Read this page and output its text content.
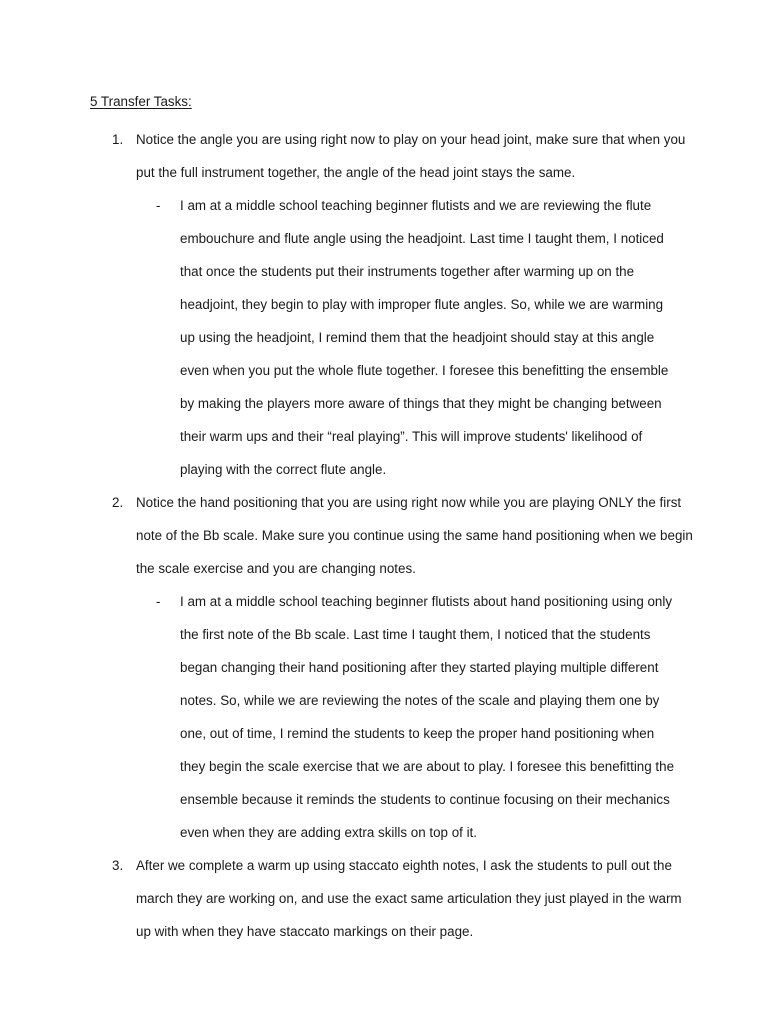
5 Transfer Tasks:
1. Notice the angle you are using right now to play on your head joint, make sure that when you put the full instrument together, the angle of the head joint stays the same.
- I am at a middle school teaching beginner flutists and we are reviewing the flute embouchure and flute angle using the headjoint. Last time I taught them, I noticed that once the students put their instruments together after warming up on the headjoint, they begin to play with improper flute angles. So, while we are warming up using the headjoint, I remind them that the headjoint should stay at this angle even when you put the whole flute together. I foresee this benefitting the ensemble by making the players more aware of things that they might be changing between their warm ups and their “real playing”. This will improve students' likelihood of playing with the correct flute angle.
2. Notice the hand positioning that you are using right now while you are playing ONLY the first note of the Bb scale. Make sure you continue using the same hand positioning when we begin the scale exercise and you are changing notes.
- I am at a middle school teaching beginner flutists about hand positioning using only the first note of the Bb scale. Last time I taught them, I noticed that the students began changing their hand positioning after they started playing multiple different notes. So, while we are reviewing the notes of the scale and playing them one by one, out of time, I remind the students to keep the proper hand positioning when they begin the scale exercise that we are about to play. I foresee this benefitting the ensemble because it reminds the students to continue focusing on their mechanics even when they are adding extra skills on top of it.
3. After we complete a warm up using staccato eighth notes, I ask the students to pull out the march they are working on, and use the exact same articulation they just played in the warm up with when they have staccato markings on their page.
